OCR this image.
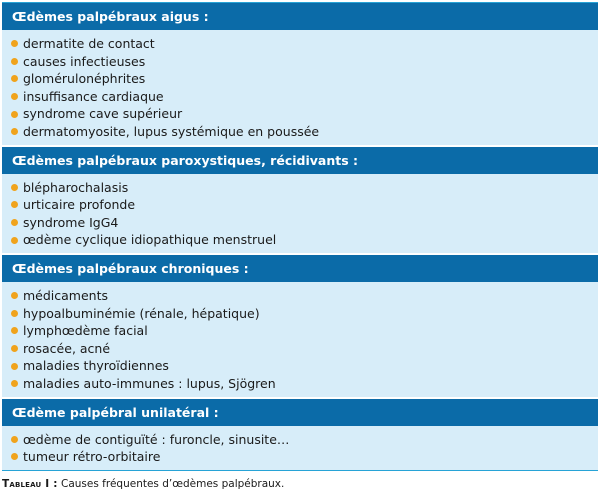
Œdèmes palpébraux aigus :
dermatite de contact
causes infectieuses
glomérulonéphrites
insuffisance cardiaque
syndrome cave supérieur
dermatomyosite, lupus systémique en poussée
Œdèmes palpébraux paroxystiques, récidivants :
blépharochalasis
urticaire profonde
syndrome IgG4
œdème cyclique idiopathique menstruel
Œdèmes palpébraux chroniques :
médicaments
hypoalbuminémie (rénale, hépatique)
lymphœdème facial
rosacée, acné
maladies thyroïdiennes
maladies auto-immunes : lupus, Sjögren
Œdème palpébral unilatéral :
œdème de contiguïté : furoncle, sinusite…
tumeur rétro-orbitaire
Tableau I : Causes fréquentes d’œdèmes palpébraux.
